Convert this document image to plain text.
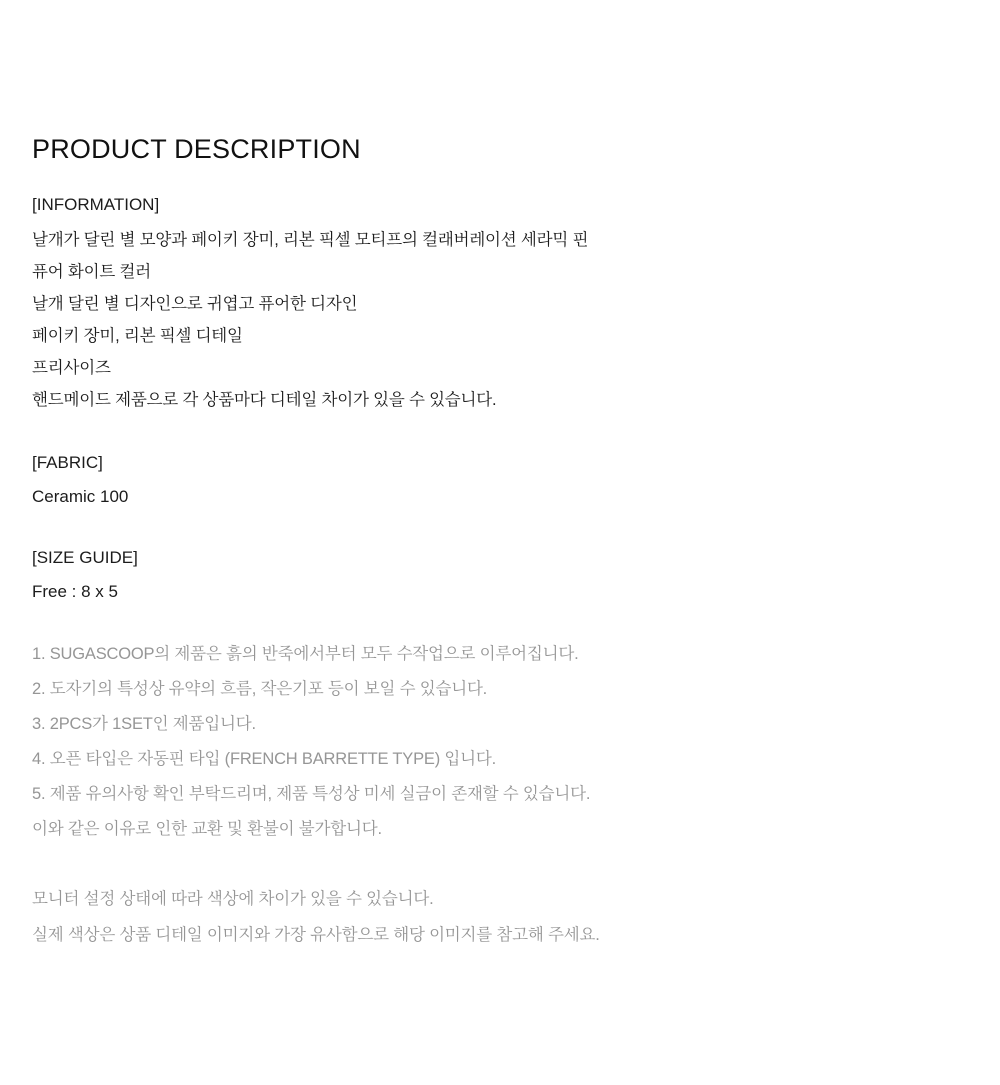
PRODUCT DESCRIPTION

[INFORMATION]

날개가 달린 별 모양과 페이키 장미, 리본 픽셀 모티프의 컬래버레이션 세라믹 핀

퓨어 화이트 컬러

날개 달린 별 디자인으로 귀엽고 퓨어한 디자인

페이키 장미, 리본 픽셀 디테일

프리사이즈

핸드메이드 제품으로 각 상품마다 디테일 차이가 있을 수 있습니다.

[FABRIC]

Ceramic 100

[SIZE GUIDE]

Free : 8 x 5

1. SUGASCOOP의 제품은 흙의 반죽에서부터 모두 수작업으로 이루어집니다.

2. 도자기의 특성상 유약의 흐름, 작은기포 등이 보일 수 있습니다.

3. 2PCS가 1SET인 제품입니다.

4. 오픈 타입은 자동핀 타입 (FRENCH BARRETTE TYPE) 입니다.

5. 제품 유의사항 확인 부탁드리며, 제품 특성상 미세 실금이 존재할 수 있습니다.

이와 같은 이유로 인한 교환 및 환불이 불가합니다.

모니터 설정 상태에 따라 색상에 차이가 있을 수 있습니다.

실제 색상은 상품 디테일 이미지와 가장 유사함으로 해당 이미지를 참고해 주세요.
